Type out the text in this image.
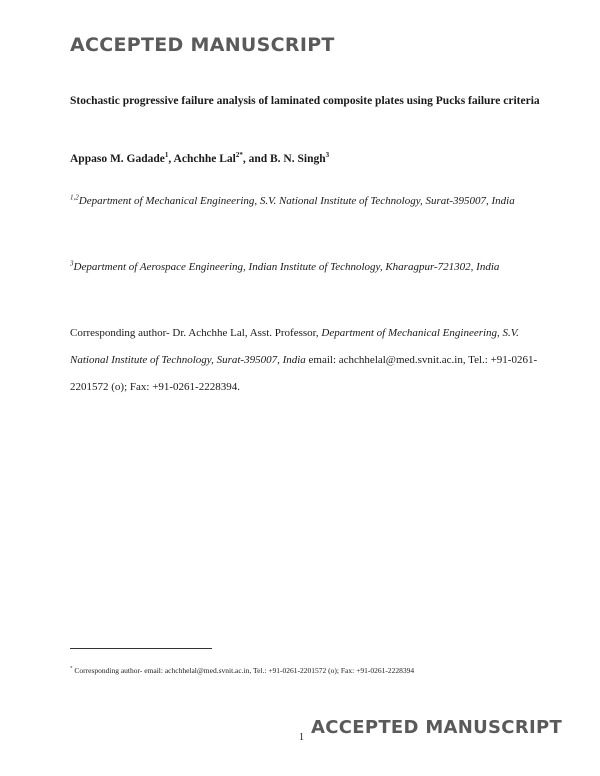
ACCEPTED MANUSCRIPT
Stochastic progressive failure analysis of laminated composite plates using Pucks failure criteria
Appaso M. Gadade$^1$, Achchhe Lal$^{2*}$, and B. N. Singh$^3$
$^{1,2}$Department of Mechanical Engineering, S.V. National Institute of Technology, Surat-395007, India
$^3$Department of Aerospace Engineering, Indian Institute of Technology, Kharagpur-721302, India
Corresponding author- Dr. Achchhe Lal, Asst. Professor, Department of Mechanical Engineering, S.V. National Institute of Technology, Surat-395007, India email: achchhelal@med.svnit.ac.in, Tel.: +91-0261-2201572 (o); Fax: +91-0261-2228394.
* Corresponding author- email: achchhelal@med.svnit.ac.in, Tel.: +91-0261-2201572 (o); Fax: +91-0261-2228394
1 ACCEPTED MANUSCRIPT
